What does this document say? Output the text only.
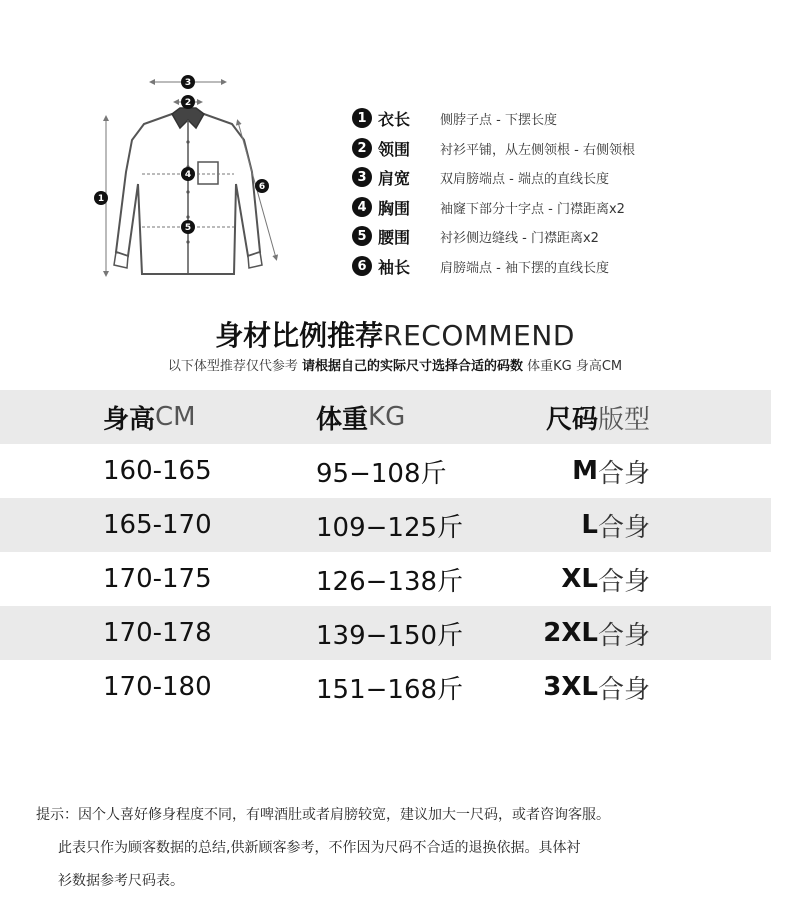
3
2
1
4
5
6
1 衣长	侧脖子点 - 下摆长度
2 领围	衬衫平铺，从左侧领根 - 右侧领根
3 肩宽	双肩膀端点 - 端点的直线长度
4 胸围	袖窿下部分十字点 - 门襟距离x2
5 腰围	衬衫侧边缝线 - 门襟距离x2
6 袖长	肩膀端点 - 袖下摆的直线长度
身材比例推荐RECOMMEND
以下体型推荐仅代参考 请根据自己的实际尺寸选择合适的码数 体重KG 身高CM
身高 CM	体重 KG	尺码 版型
160-165	95−108斤	M 合身
165-170	109−125斤	L 合身
170-175	126−138斤	XL 合身
170-178	139−150斤	2XL 合身
170-180	151−168斤	3XL 合身
提示：因个人喜好修身程度不同，有啤酒肚或者肩膀较宽，建议加大一尺码，或者咨询客服。
此表只作为顾客数据的总结,供新顾客参考，不作因为尺码不合适的退换依据。具体衬
衫数据参考尺码表。
